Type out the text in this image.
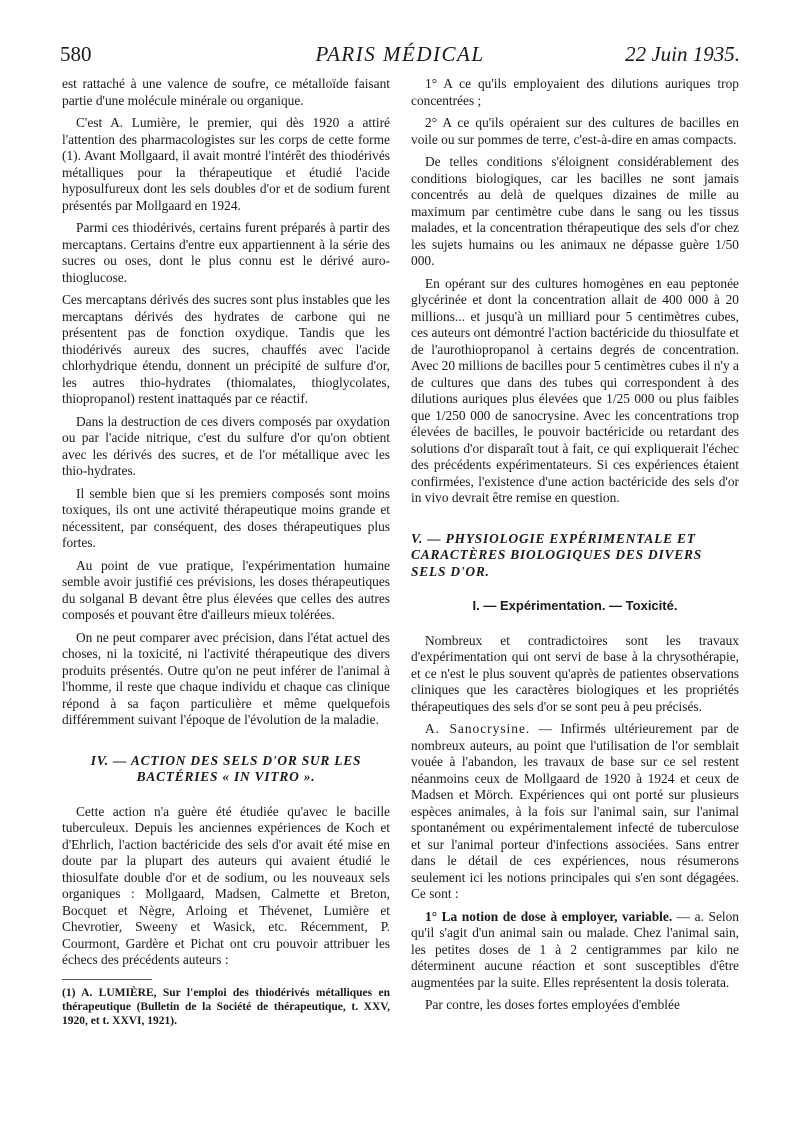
580	PARIS MÉDICAL	22 Juin 1935.

est rattaché à une valence de soufre, ce métalloïde faisant partie d'une molécule minérale ou organique.

C'est A. Lumière, le premier, qui dès 1920 a attiré l'attention des pharmacologistes sur les corps de cette forme (1). Avant Mollgaard, il avait montré l'intérêt des thiodérivés métalliques pour la thérapeutique et étudié l'acide hyposulfureux dont les sels doubles d'or et de sodium furent présentés par Mollgaard en 1924.

Parmi ces thiodérivés, certains furent préparés à partir des mercaptans. Certains d'entre eux appartiennent à la série des sucres ou oses, dont le plus connu est le dérivé auro-thioglucose.

Ces mercaptans dérivés des sucres sont plus instables que les mercaptans dérivés des hydrates de carbone qui ne présentent pas de fonction oxydique. Tandis que les thiodérivés aureux des sucres, chauffés avec l'acide chlorhydrique étendu, donnent un précipité de sulfure d'or, les autres thio-hydrates (thiomalates, thioglycolates, thiopropanol) restent inattaqués par ce réactif.

Dans la destruction de ces divers composés par oxydation ou par l'acide nitrique, c'est du sulfure d'or qu'on obtient avec les dérivés des sucres, et de l'or métallique avec les thio-hydrates.

Il semble bien que si les premiers composés sont moins toxiques, ils ont une activité thérapeutique moins grande et nécessitent, par conséquent, des doses thérapeutiques plus fortes.

Au point de vue pratique, l'expérimentation humaine semble avoir justifié ces prévisions, les doses thérapeutiques du solganal B devant être plus élevées que celles des autres composés et pouvant être d'ailleurs mieux tolérées.

On ne peut comparer avec précision, dans l'état actuel des choses, ni la toxicité, ni l'activité thérapeutique des divers produits présentés. Outre qu'on ne peut inférer de l'animal à l'homme, il reste que chaque individu et chaque cas clinique répond à sa façon particulière et même quelquefois différemment suivant l'époque de l'évolution de la maladie.

IV. — ACTION DES SELS D'OR SUR LES BACTÉRIES « IN VITRO ».

Cette action n'a guère été étudiée qu'avec le bacille tuberculeux. Depuis les anciennes expériences de Koch et d'Ehrlich, l'action bactéricide des sels d'or avait été mise en doute par la plupart des auteurs qui avaient étudié le thiosulfate double d'or et de sodium, ou les nouveaux sels organiques : Mollgaard, Madsen, Calmette et Breton, Bocquet et Nègre, Arloing et Thévenet, Lumière et Chevrotier, Sweeny et Wasick, etc. Récemment, P. Courmont, Gardère et Pichat ont cru pouvoir attribuer les échecs des précédents auteurs :

(1) A. LUMIÈRE, Sur l'emploi des thiodérivés métalliques en thérapeutique (Bulletin de la Société de thérapeutique, t. XXV, 1920, et t. XXVI, 1921).

1° A ce qu'ils employaient des dilutions auriques trop concentrées ;

2° A ce qu'ils opéraient sur des cultures de bacilles en voile ou sur pommes de terre, c'est-à-dire en amas compacts.

De telles conditions s'éloignent considérablement des conditions biologiques, car les bacilles ne sont jamais concentrés au delà de quelques dizaines de mille au maximum par centimètre cube dans le sang ou les tissus malades, et la concentration thérapeutique des sels d'or chez les sujets humains ou les animaux ne dépasse guère 1/50 000.

En opérant sur des cultures homogènes en eau peptonée glycérinée et dont la concentration allait de 400 000 à 20 millions... et jusqu'à un milliard pour 5 centimètres cubes, ces auteurs ont démontré l'action bactéricide du thiosulfate et de l'aurothiopropanol à certains degrés de concentration. Avec 20 millions de bacilles pour 5 centimètres cubes il n'y a de cultures que dans des tubes qui correspondent à des dilutions auriques plus élevées que 1/25 000 ou plus faibles que 1/250 000 de sanocrysine. Avec les concentrations trop élevées de bacilles, le pouvoir bactéricide ou retardant des solutions d'or disparaît tout à fait, ce qui expliquerait l'échec des précédents expérimentateurs. Si ces expériences étaient confirmées, l'existence d'une action bactéricide des sels d'or in vivo devrait être remise en question.

V. — PHYSIOLOGIE EXPÉRIMENTALE ET CARACTÈRES BIOLOGIQUES DES DIVERS SELS D'OR.
I. — Expérimentation. — Toxicité.

Nombreux et contradictoires sont les travaux d'expérimentation qui ont servi de base à la chrysothérapie, et ce n'est le plus souvent qu'après de patientes observations cliniques que les caractères biologiques et les propriétés thérapeutiques des sels d'or se sont peu à peu précisés.

A. Sanocrysine. — Infirmés ultérieurement par de nombreux auteurs, au point que l'utilisation de l'or semblait vouée à l'abandon, les travaux de base sur ce sel restent néanmoins ceux de Mollgaard de 1920 à 1924 et ceux de Madsen et Mörch. Expériences qui ont porté sur plusieurs espèces animales, à la fois sur l'animal sain, sur l'animal spontanément ou expérimentalement infecté de tuberculose et sur l'animal porteur d'infections associées. Sans entrer dans le détail de ces expériences, nous résumerons seulement ici les notions principales qui s'en sont dégagées. Ce sont :

1° La notion de dose à employer, variable. — a. Selon qu'il s'agit d'un animal sain ou malade. Chez l'animal sain, les petites doses de 1 à 2 centigrammes par kilo ne déterminent aucune réaction et sont susceptibles d'être augmentées par la suite. Elles représentent la dosis tolerata.

Par contre, les doses fortes employées d'emblée
